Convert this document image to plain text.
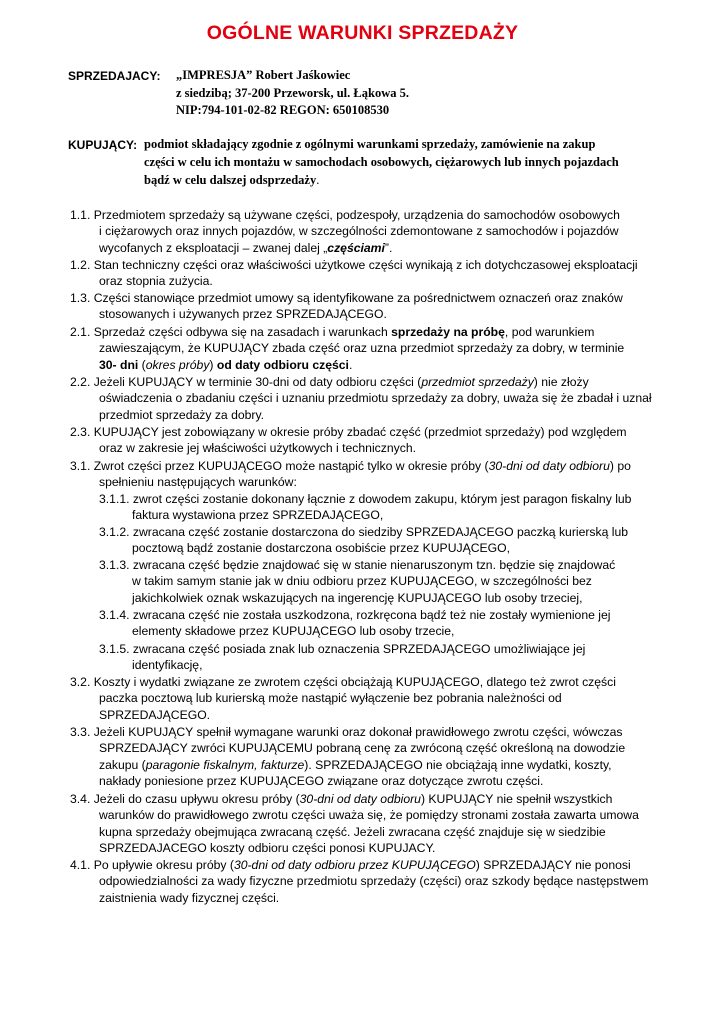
OGÓLNE WARUNKI SPRZEDAŻY
SPRZEDAJACY: „IMPRESJA” Robert Jaśkowiec
z siedzibą; 37-200 Przeworsk, ul. Łąkowa 5.
NIP:794-101-02-82 REGON: 650108530
KUPUJĄCY: podmiot składający zgodnie z ogólnymi warunkami sprzedaży, zamówienie na zakup
części w celu ich montażu w samochodach osobowych, ciężarowych lub innych pojazdach
bądź w celu dalszej odsprzedaży.
1.1. Przedmiotem sprzedaży są używane części, podzespoły, urządzenia do samochodów osobowych
i ciężarowych oraz innych pojazdów, w szczególności zdemontowane z samochodów i pojazdów
wycofanych z eksploatacji – zwanej dalej „częściami”.
1.2. Stan techniczny części oraz właściwości użytkowe części wynikają z ich dotychczasowej eksploatacji
oraz stopnia zużycia.
1.3. Części stanowiące przedmiot umowy są identyfikowane za pośrednictwem oznaczeń oraz znaków
stosowanych i używanych przez SPRZEDAJĄCEGO.
2.1. Sprzedaż części odbywa się na zasadach i warunkach sprzedaży na próbę, pod warunkiem
zawieszającym, że KUPUJĄCY zbada część oraz uzna przedmiot sprzedaży za dobry, w terminie
30- dni (okres próby) od daty odbioru części.
2.2. Jeżeli KUPUJĄCY w terminie 30-dni od daty odbioru części (przedmiot sprzedaży) nie złoży
oświadczenia o zbadaniu części i uznaniu przedmiotu sprzedaży za dobry, uważa się że zbadał i uznał
przedmiot sprzedaży za dobry.
2.3. KUPUJĄCY jest zobowiązany w okresie próby zbadać część (przedmiot sprzedaży) pod względem
oraz w zakresie jej właściwości użytkowych i technicznych.
3.1. Zwrot części przez KUPUJĄCEGO może nastąpić tylko w okresie próby (30-dni od daty odbioru) po
spełnieniu następujących warunków:
3.1.1. zwrot części zostanie dokonany łącznie z dowodem zakupu, którym jest paragon fiskalny lub
faktura wystawiona przez SPRZEDAJĄCEGO,
3.1.2. zwracana część zostanie dostarczona do siedziby SPRZEDAJĄCEGO paczką kurierską lub
pocztową bądź zostanie dostarczona osobiście przez KUPUJĄCEGO,
3.1.3. zwracana część będzie znajdować się w stanie nienaruszonym tzn. będzie się znajdować
w takim samym stanie jak w dniu odbioru przez KUPUJĄCEGO, w szczególności bez
jakichkolwiek oznak wskazujących na ingerencję KUPUJĄCEGO lub osoby trzeciej,
3.1.4. zwracana część nie została uszkodzona, rozkręcona bądź też nie zostały wymienione jej
elementy składowe przez KUPUJĄCEGO lub osoby trzecie,
3.1.5. zwracana część posiada znak lub oznaczenia SPRZEDAJĄCEGO umożliwiające jej
identyfikację,
3.2. Koszty i wydatki związane ze zwrotem części obciążają KUPUJĄCEGO, dlatego też zwrot części
paczka pocztową lub kurierską może nastąpić wyłączenie bez pobrania należności od
SPRZEDAJĄCEGO.
3.3. Jeżeli KUPUJĄCY spełnił wymagane warunki oraz dokonał prawidłowego zwrotu części, wówczas
SPRZEDAJĄCY zwróci KUPUJĄCEMU pobraną cenę za zwróconą część określoną na dowodzie
zakupu (paragonie fiskalnym, fakturze). SPRZEDAJĄCEGO nie obciążają inne wydatki, koszty,
nakłady poniesione przez KUPUJĄCEGO związane oraz dotyczące zwrotu części.
3.4. Jeżeli do czasu upływu okresu próby (30-dni od daty odbioru) KUPUJĄCY nie spełnił wszystkich
warunków do prawidłowego zwrotu części uważa się, że pomiędzy stronami została zawarta umowa
kupna sprzedaży obejmująca zwracaną część. Jeżeli zwracana część znajduje się w siedzibie
SPRZEDAJACEGO koszty odbioru części ponosi KUPUJACY.
4.1. Po upływie okresu próby (30-dni od daty odbioru przez KUPUJĄCEGO) SPRZEDAJĄCY nie ponosi
odpowiedzialności za wady fizyczne przedmiotu sprzedaży (części) oraz szkody będące następstwem
zaistnienia wady fizycznej części.
